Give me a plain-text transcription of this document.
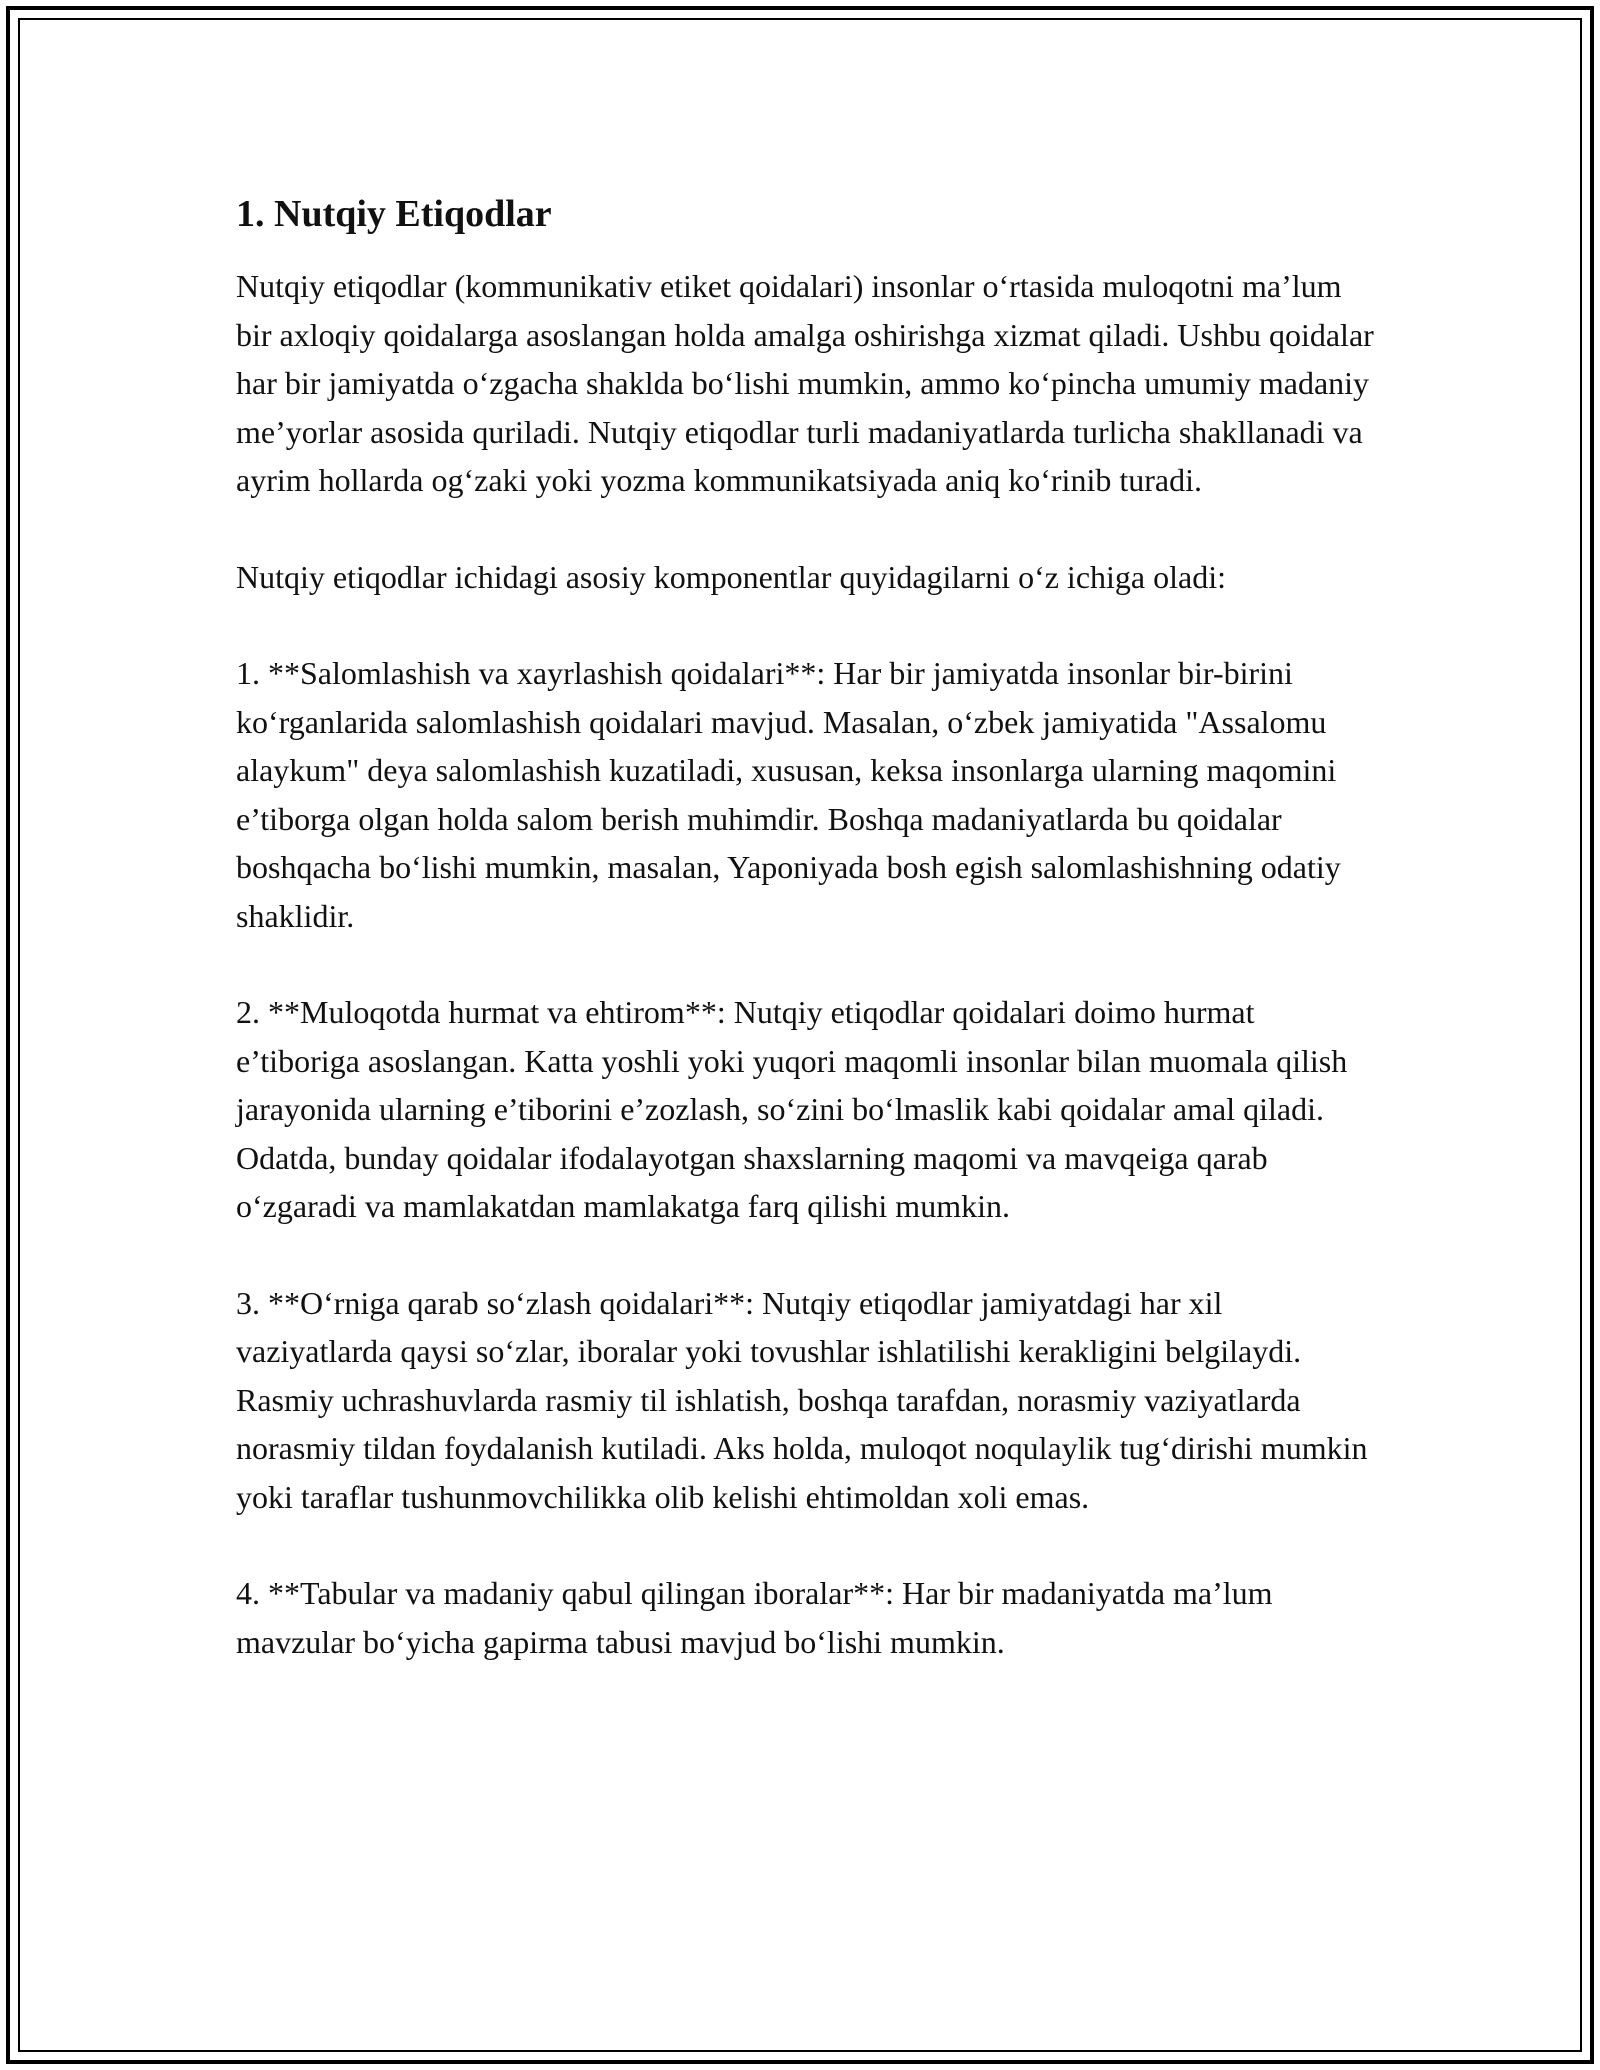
1. Nutqiy Etiqodlar

Nutqiy etiqodlar (kommunikativ etiket qoidalari) insonlar o‘rtasida muloqotni ma’lum bir axloqiy qoidalarga asoslangan holda amalga oshirishga xizmat qiladi. Ushbu qoidalar har bir jamiyatda o‘zgacha shaklda bo‘lishi mumkin, ammo ko‘pincha umumiy madaniy me’yorlar asosida quriladi. Nutqiy etiqodlar turli madaniyatlarda turlicha shakllanadi va ayrim hollarda og‘zaki yoki yozma kommunikatsiyada aniq ko‘rinib turadi.

Nutqiy etiqodlar ichidagi asosiy komponentlar quyidagilarni o‘z ichiga oladi:

1. **Salomlashish va xayrlashish qoidalari**: Har bir jamiyatda insonlar bir-birini ko‘rganlarida salomlashish qoidalari mavjud. Masalan, o‘zbek jamiyatida "Assalomu alaykum" deya salomlashish kuzatiladi, xususan, keksa insonlarga ularning maqomini e’tiborga olgan holda salom berish muhimdir. Boshqa madaniyatlarda bu qoidalar boshqacha bo‘lishi mumkin, masalan, Yaponiyada bosh egish salomlashishning odatiy shaklidir.

2. **Muloqotda hurmat va ehtirom**: Nutqiy etiqodlar qoidalari doimo hurmat e’tiboriga asoslangan. Katta yoshli yoki yuqori maqomli insonlar bilan muomala qilish jarayonida ularning e’tiborini e’zozlash, so‘zini bo‘lmaslik kabi qoidalar amal qiladi. Odatda, bunday qoidalar ifodalayotgan shaxslarning maqomi va mavqeiga qarab o‘zgaradi va mamlakatdan mamlakatga farq qilishi mumkin.

3. **O‘rniga qarab so‘zlash qoidalari**: Nutqiy etiqodlar jamiyatdagi har xil vaziyatlarda qaysi so‘zlar, iboralar yoki tovushlar ishlatilishi kerakligini belgilaydi. Rasmiy uchrashuvlarda rasmiy til ishlatish, boshqa tarafdan, norasmiy vaziyatlarda norasmiy tildan foydalanish kutiladi. Aks holda, muloqot noqulaylik tug‘dirishi mumkin yoki taraflar tushunmovchilikka olib kelishi ehtimoldan xoli emas.

4. **Tabular va madaniy qabul qilingan iboralar**: Har bir madaniyatda ma’lum mavzular bo‘yicha gapirma tabusi mavjud bo‘lishi mumkin.
